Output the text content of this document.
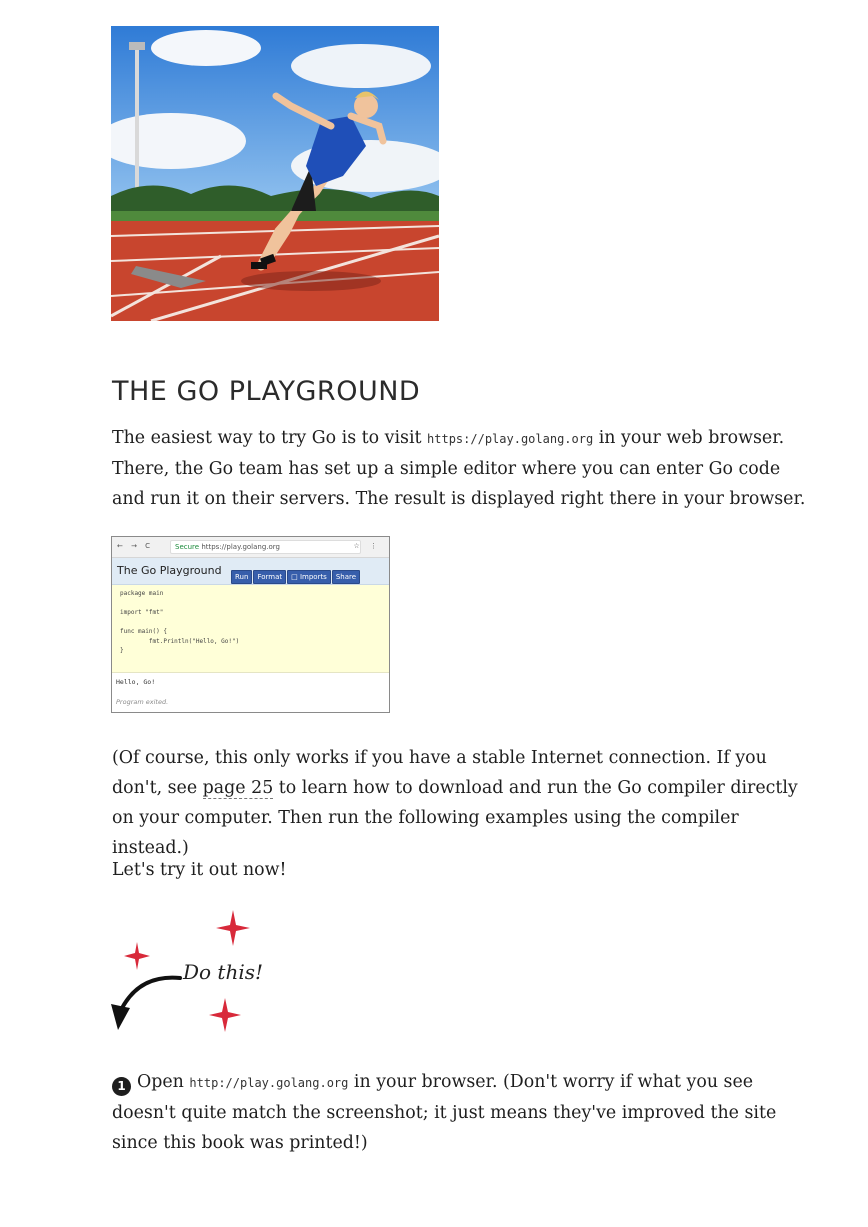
THE GO PLAYGROUND

The easiest way to try Go is to visit https://play.golang.org in your web browser. There, the Go team has set up a simple editor where you can enter Go code and run it on their servers. The result is displayed right there in your browser.

← → C	Secure https://play.golang.org	☆ ⋮
The Go Playground	Run Format □ Imports Share
package main

import "fmt"

func main() {
fmt.Println("Hello, Go!")
}
Hello, Go!
Program exited.

(Of course, this only works if you have a stable Internet connection. If you don't, see page 25 to learn how to download and run the Go compiler directly on your computer. Then run the following examples using the compiler instead.)

Let's try it out now!

Do this!

1 Open http://play.golang.org in your browser. (Don't worry if what you see doesn't quite match the screenshot; it just means they've improved the site since this book was printed!)
